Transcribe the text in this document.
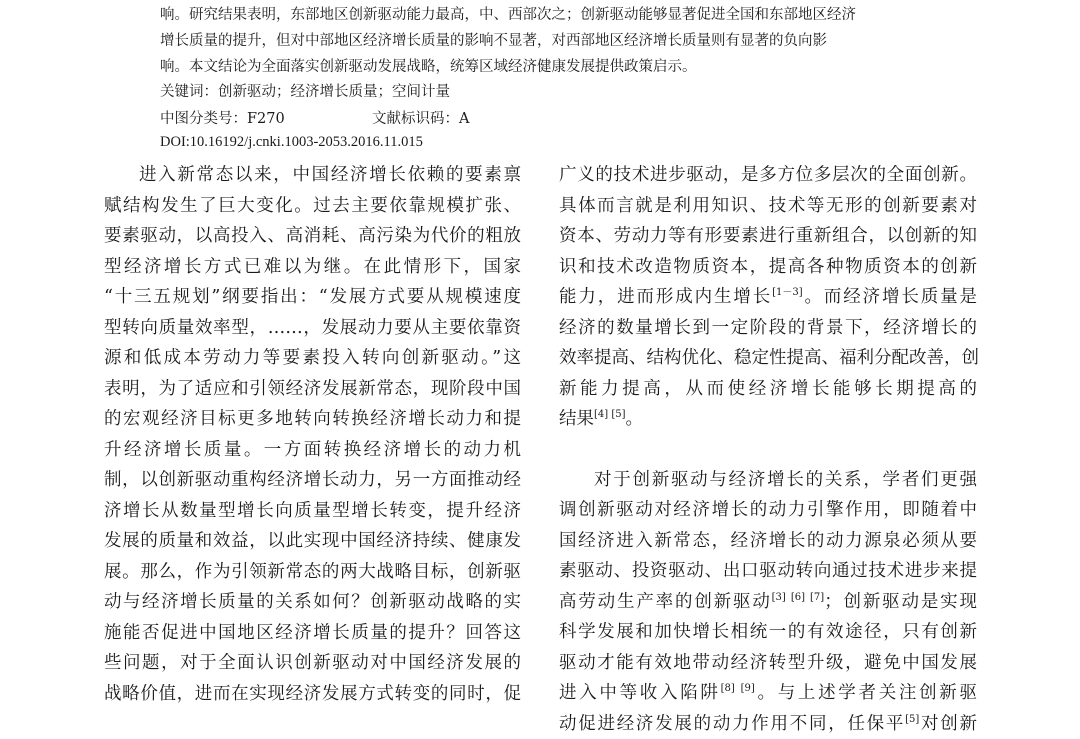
响。研究结果表明，东部地区创新驱动能力最高，中、西部次之；创新驱动能够显著促进全国和东部地区经济
增长质量的提升，但对中部地区经济增长质量的影响不显著，对西部地区经济增长质量则有显著的负向影
响。本文结论为全面落实创新驱动发展战略，统筹区域经济健康发展提供政策启示。
关键词：创新驱动；经济增长质量；空间计量
中图分类号：F270	文献标识码：A
DOI:10.16192/j.cnki.1003-2053.2016.11.015
进入新常态以来，中国经济增长依赖的要素禀
赋结构发生了巨大变化。过去主要依靠规模扩张、
要素驱动，以高投入、高消耗、高污染为代价的粗放
型经济增长方式已难以为继。在此情形下，国家
“十三五规划”纲要指出：“发展方式要从规模速度
型转向质量效率型，……，发展动力要从主要依靠资
源和低成本劳动力等要素投入转向创新驱动。”这
表明，为了适应和引领经济发展新常态，现阶段中国
的宏观经济目标更多地转向转换经济增长动力和提
升经济增长质量。一方面转换经济增长的动力机
制，以创新驱动重构经济增长动力，另一方面推动经
济增长从数量型增长向质量型增长转变，提升经济
发展的质量和效益，以此实现中国经济持续、健康发
展。那么，作为引领新常态的两大战略目标，创新驱
动与经济增长质量的关系如何？创新驱动战略的实
施能否促进中国地区经济增长质量的提升？回答这
些问题，对于全面认识创新驱动对中国经济发展的
战略价值，进而在实现经济发展方式转变的同时，促
广义的技术进步驱动，是多方位多层次的全面创新。
具体而言就是利用知识、技术等无形的创新要素对
资本、劳动力等有形要素进行重新组合，以创新的知
识和技术改造物质资本，提高各种物质资本的创新
能力，进而形成内生增长[1－3]。而经济增长质量是
经济的数量增长到一定阶段的背景下，经济增长的
效率提高、结构优化、稳定性提高、福利分配改善，创
新能力提高，从而使经济增长能够长期提高的
结果[4] [5]。
对于创新驱动与经济增长的关系，学者们更强
调创新驱动对经济增长的动力引擎作用，即随着中
国经济进入新常态，经济增长的动力源泉必须从要
素驱动、投资驱动、出口驱动转向通过技术进步来提
高劳动生产率的创新驱动[3] [6] [7]；创新驱动是实现
科学发展和加快增长相统一的有效途径，只有创新
驱动才能有效地带动经济转型升级，避免中国发展
进入中等收入陷阱[8] [9]。与上述学者关注创新驱
动促进经济发展的动力作用不同，任保平[5]对创新
